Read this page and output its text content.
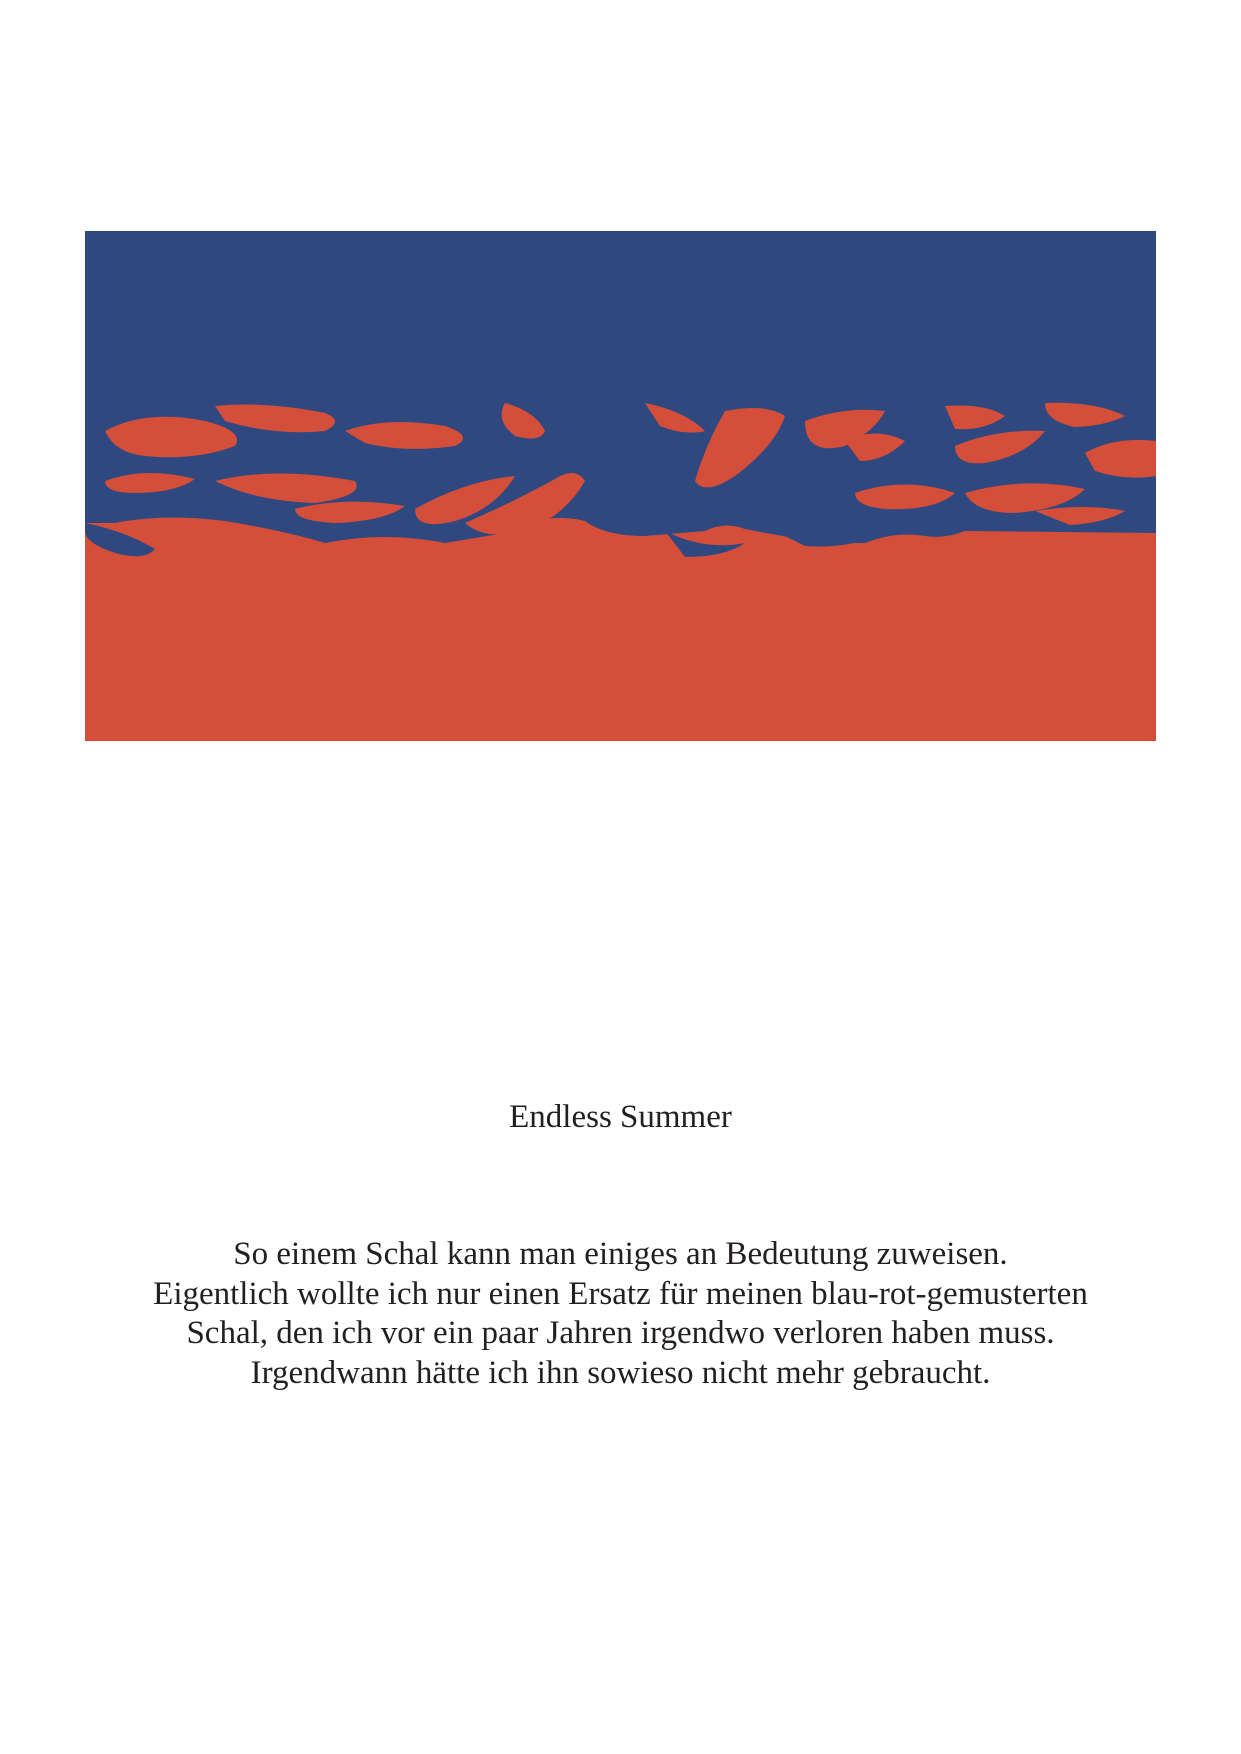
Endless Summer

So einem Schal kann man einiges an Bedeutung zuweisen.
Eigentlich wollte ich nur einen Ersatz für meinen blau-rot-gemusterten
Schal, den ich vor ein paar Jahren irgendwo verloren haben muss.
Irgendwann hätte ich ihn sowieso nicht mehr gebraucht.
